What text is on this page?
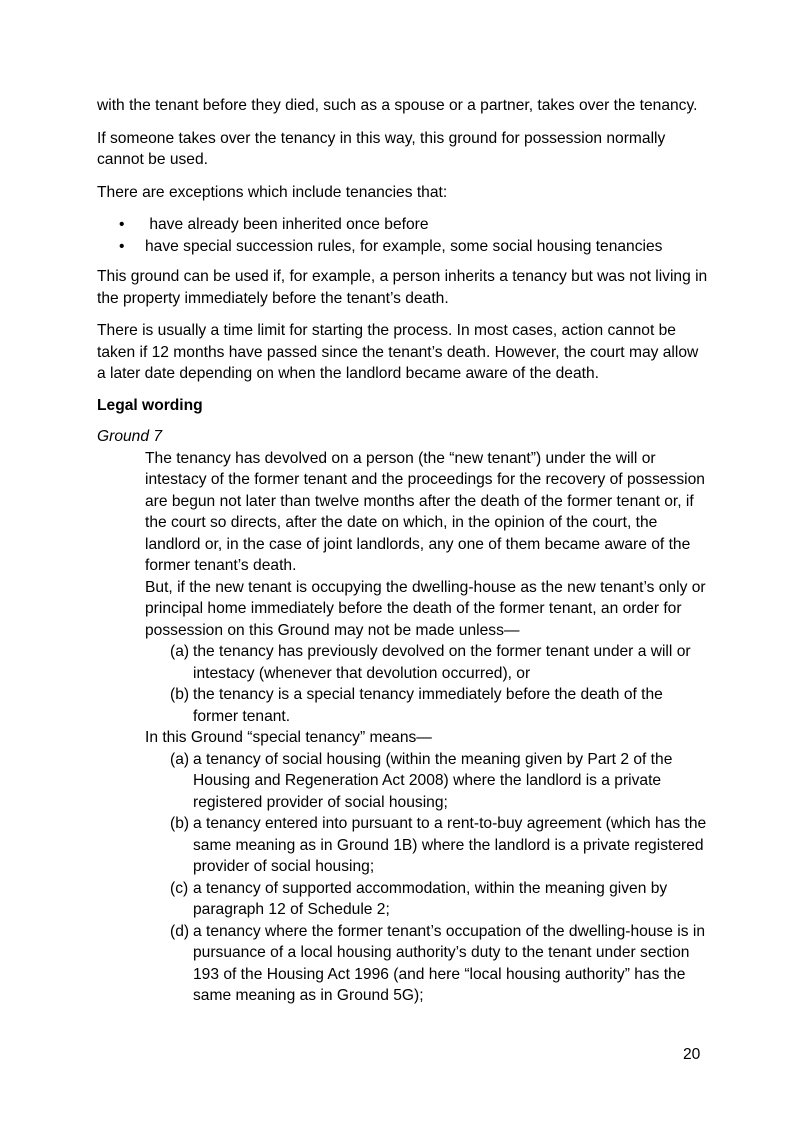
with the tenant before they died, such as a spouse or a partner, takes over the tenancy.

If someone takes over the tenancy in this way, this ground for possession normally cannot be used.

There are exceptions which include tenancies that:

• have already been inherited once before
• have special succession rules, for example, some social housing tenancies

This ground can be used if, for example, a person inherits a tenancy but was not living in the property immediately before the tenant’s death.

There is usually a time limit for starting the process. In most cases, action cannot be taken if 12 months have passed since the tenant’s death. However, the court may allow a later date depending on when the landlord became aware of the death.

Legal wording

Ground 7

The tenancy has devolved on a person (the “new tenant”) under the will or intestacy of the former tenant and the proceedings for the recovery of possession are begun not later than twelve months after the death of the former tenant or, if the court so directs, after the date on which, in the opinion of the court, the landlord or, in the case of joint landlords, any one of them became aware of the former tenant’s death.

But, if the new tenant is occupying the dwelling-house as the new tenant’s only or principal home immediately before the death of the former tenant, an order for possession on this Ground may not be made unless—

(a) the tenancy has previously devolved on the former tenant under a will or intestacy (whenever that devolution occurred), or
(b) the tenancy is a special tenancy immediately before the death of the former tenant.

In this Ground “special tenancy” means—

(a) a tenancy of social housing (within the meaning given by Part 2 of the Housing and Regeneration Act 2008) where the landlord is a private registered provider of social housing;
(b) a tenancy entered into pursuant to a rent-to-buy agreement (which has the same meaning as in Ground 1B) where the landlord is a private registered provider of social housing;
(c) a tenancy of supported accommodation, within the meaning given by paragraph 12 of Schedule 2;
(d) a tenancy where the former tenant’s occupation of the dwelling-house is in pursuance of a local housing authority’s duty to the tenant under section 193 of the Housing Act 1996 (and here “local housing authority” has the same meaning as in Ground 5G);
20
